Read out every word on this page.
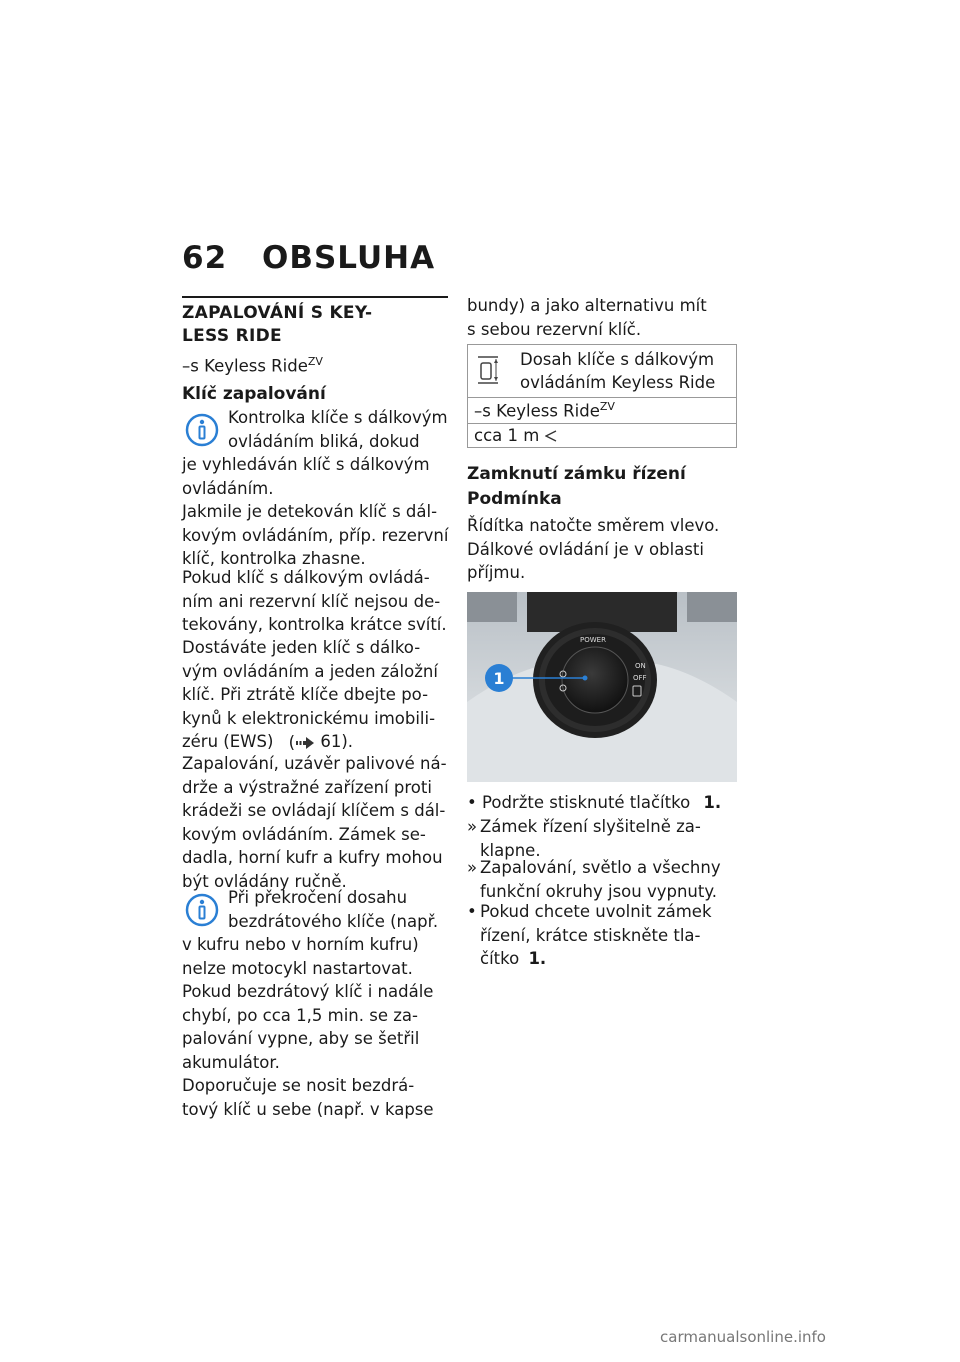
62 OBSLUHA
ZAPALOVÁNÍ S KEY-
LESS RIDE
–s Keyless Ride$^{ZV}$
Klíč zapalování
Kontrolka klíče s dálkovým
ovládáním bliká, dokud
je vyhledáván klíč s dálkovým
ovládáním.
Jakmile je detekován klíč s dál-
kovým ovládáním, příp. rezervní
klíč, kontrolka zhasne.
Pokud klíč s dálkovým ovládá-
ním ani rezervní klíč nejsou de-
tekovány, kontrolka krátce svítí.
Dostáváte jeden klíč s dálko-
vým ovládáním a jeden záložní
klíč. Při ztrátě klíče dbejte po-
kynů k elektronickému imobili-
zéru (EWS) ( 61).
Zapalování, uzávěr palivové ná-
drže a výstražné zařízení proti
krádeži se ovládají klíčem s dál-
kovým ovládáním. Zámek se-
dadla, horní kufr a kufry mohou
být ovládány ručně.
Při překročení dosahu
bezdrátového klíče (např.
v kufru nebo v horním kufru)
nelze motocykl nastartovat.
Pokud bezdrátový klíč i nadále
chybí, po cca 1,5 min. se za-
palování vypne, aby se šetřil
akumulátor.
Doporučuje se nosit bezdrá-
tový klíč u sebe (např. v kapse
bundy) a jako alternativu mít
s sebou rezervní klíč.

Dosah klíče s dálkovým
ovládáním Keyless Ride

–s Keyless Ride$^{ZV}$
cca 1 m
Zamknutí zámku řízení
Podmínka
Řídítka natočte směrem vlevo.
Dálkové ovládání je v oblasti
příjmu.
POWER
ON
OFF
1
• Podržte stisknuté tlačítko 1.
» Zámek řízení slyšitelně za-
klapne.
» Zapalování, světlo a všechny
funkční okruhy jsou vypnuty.
• Pokud chcete uvolnit zámek
řízení, krátce stiskněte tla-
čítko 1.
carmanualsonline.info
